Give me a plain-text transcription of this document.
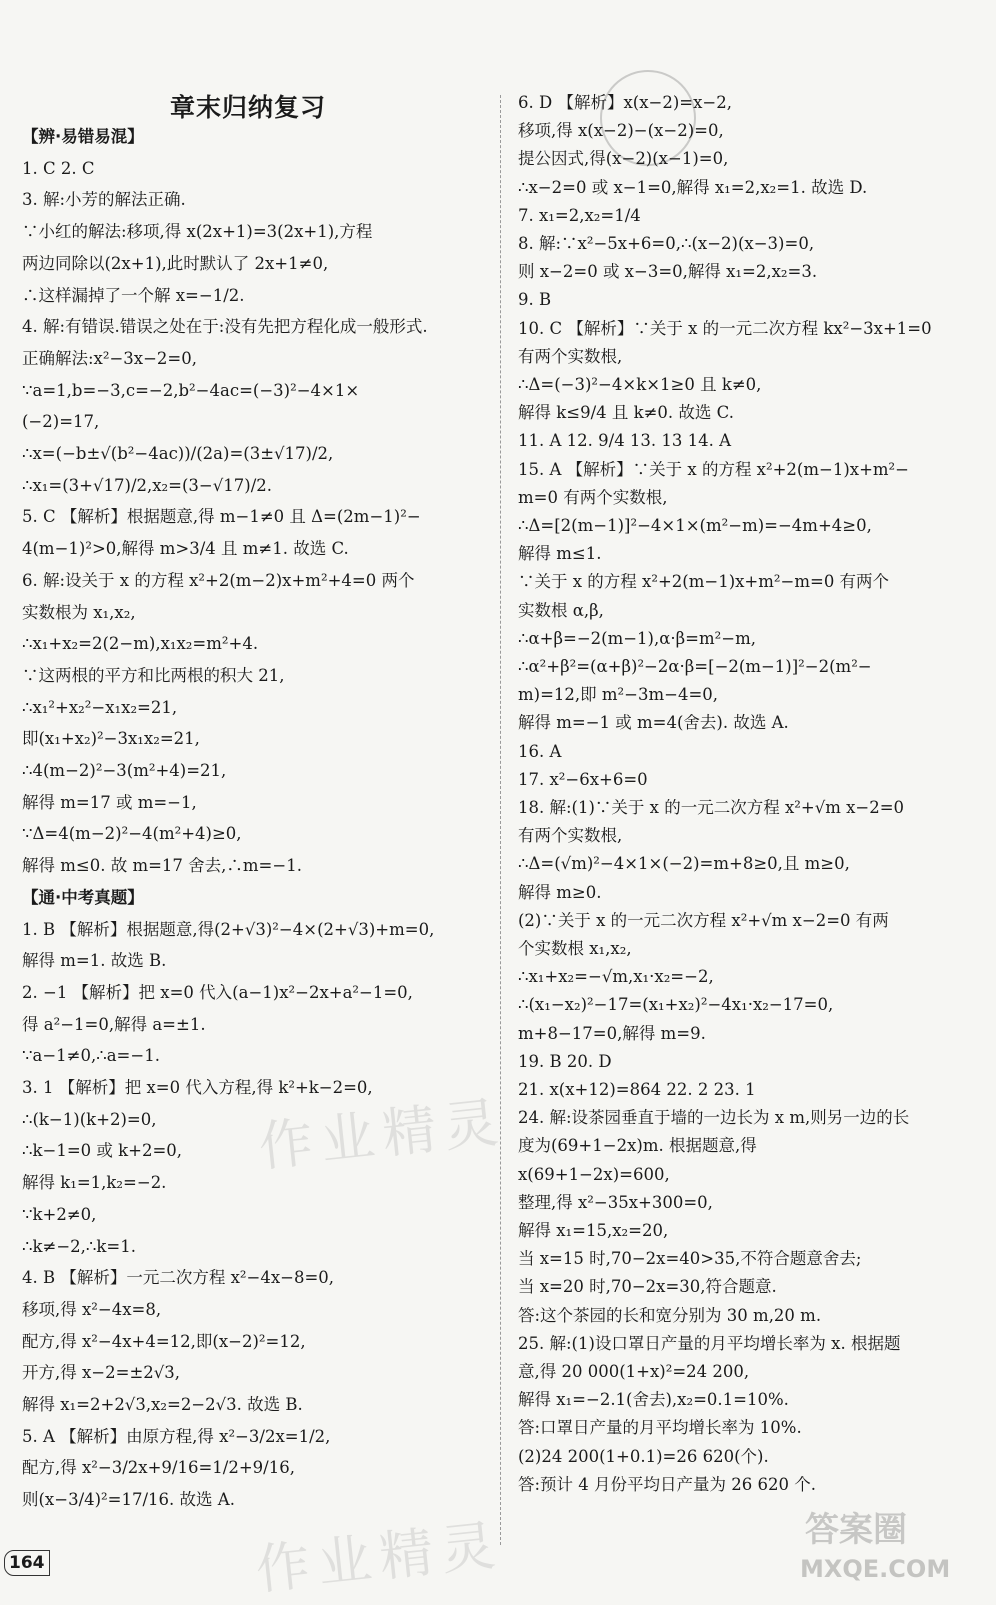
章末归纳复习
【辨·易错易混】
1. C 2. C
3. 解:小芳的解法正确.
∵小红的解法:移项,得 x(2x+1)=3(2x+1),方程
两边同除以(2x+1),此时默认了 2x+1≠0,
∴这样漏掉了一个解 x=−1/2.
4. 解:有错误.错误之处在于:没有先把方程化成一般形式.
正确解法:x²−3x−2=0,
∵a=1,b=−3,c=−2,b²−4ac=(−3)²−4×1×
(−2)=17,
∴x=(−b±√(b²−4ac))/(2a)=(3±√17)/2,
∴x₁=(3+√17)/2,x₂=(3−√17)/2.
5. C 【解析】根据题意,得 m−1≠0 且 Δ=(2m−1)²−
4(m−1)²>0,解得 m>3/4 且 m≠1. 故选 C.
6. 解:设关于 x 的方程 x²+2(m−2)x+m²+4=0 两个
实数根为 x₁,x₂,
∴x₁+x₂=2(2−m),x₁x₂=m²+4.
∵这两根的平方和比两根的积大 21,
∴x₁²+x₂²−x₁x₂=21,
即(x₁+x₂)²−3x₁x₂=21,
∴4(m−2)²−3(m²+4)=21,
解得 m=17 或 m=−1,
∵Δ=4(m−2)²−4(m²+4)≥0,
解得 m≤0. 故 m=17 舍去,∴m=−1.
【通·中考真题】
1. B 【解析】根据题意,得(2+√3)²−4×(2+√3)+m=0,
解得 m=1. 故选 B.
2. −1 【解析】把 x=0 代入(a−1)x²−2x+a²−1=0,
得 a²−1=0,解得 a=±1.
∵a−1≠0,∴a=−1.
3. 1 【解析】把 x=0 代入方程,得 k²+k−2=0,
∴(k−1)(k+2)=0,
∴k−1=0 或 k+2=0,
解得 k₁=1,k₂=−2.
∵k+2≠0,
∴k≠−2,∴k=1.
4. B 【解析】一元二次方程 x²−4x−8=0,
移项,得 x²−4x=8,
配方,得 x²−4x+4=12,即(x−2)²=12,
开方,得 x−2=±2√3,
解得 x₁=2+2√3,x₂=2−2√3. 故选 B.
5. A 【解析】由原方程,得 x²−3/2x=1/2,
配方,得 x²−3/2x+9/16=1/2+9/16,
则(x−3/4)²=17/16. 故选 A.
6. D 【解析】x(x−2)=x−2,
移项,得 x(x−2)−(x−2)=0,
提公因式,得(x−2)(x−1)=0,
∴x−2=0 或 x−1=0,解得 x₁=2,x₂=1. 故选 D.
7. x₁=2,x₂=1/4
8. 解:∵x²−5x+6=0,∴(x−2)(x−3)=0,
则 x−2=0 或 x−3=0,解得 x₁=2,x₂=3.
9. B
10. C 【解析】∵关于 x 的一元二次方程 kx²−3x+1=0
有两个实数根,
∴Δ=(−3)²−4×k×1≥0 且 k≠0,
解得 k≤9/4 且 k≠0. 故选 C.
11. A 12. 9/4 13. 13 14. A
15. A 【解析】∵关于 x 的方程 x²+2(m−1)x+m²−
m=0 有两个实数根,
∴Δ=[2(m−1)]²−4×1×(m²−m)=−4m+4≥0,
解得 m≤1.
∵关于 x 的方程 x²+2(m−1)x+m²−m=0 有两个
实数根 α,β,
∴α+β=−2(m−1),α·β=m²−m,
∴α²+β²=(α+β)²−2α·β=[−2(m−1)]²−2(m²−
m)=12,即 m²−3m−4=0,
解得 m=−1 或 m=4(舍去). 故选 A.
16. A
17. x²−6x+6=0
18. 解:(1)∵关于 x 的一元二次方程 x²+√m x−2=0
有两个实数根,
∴Δ=(√m)²−4×1×(−2)=m+8≥0,且 m≥0,
解得 m≥0.
(2)∵关于 x 的一元二次方程 x²+√m x−2=0 有两
个实数根 x₁,x₂,
∴x₁+x₂=−√m,x₁·x₂=−2,
∴(x₁−x₂)²−17=(x₁+x₂)²−4x₁·x₂−17=0,
m+8−17=0,解得 m=9.
19. B 20. D
21. x(x+12)=864 22. 2 23. 1
24. 解:设茶园垂直于墙的一边长为 x m,则另一边的长
度为(69+1−2x)m. 根据题意,得
x(69+1−2x)=600,
整理,得 x²−35x+300=0,
解得 x₁=15,x₂=20,
当 x=15 时,70−2x=40>35,不符合题意舍去;
当 x=20 时,70−2x=30,符合题意.
答:这个茶园的长和宽分别为 30 m,20 m.
25. 解:(1)设口罩日产量的月平均增长率为 x. 根据题
意,得 20 000(1+x)²=24 200,
解得 x₁=−2.1(舍去),x₂=0.1=10%.
答:口罩日产量的月平均增长率为 10%.
(2)24 200(1+0.1)=26 620(个).
答:预计 4 月份平均日产量为 26 620 个.
作业精灵
作业精灵	答案圈
MXQE.COM
164
